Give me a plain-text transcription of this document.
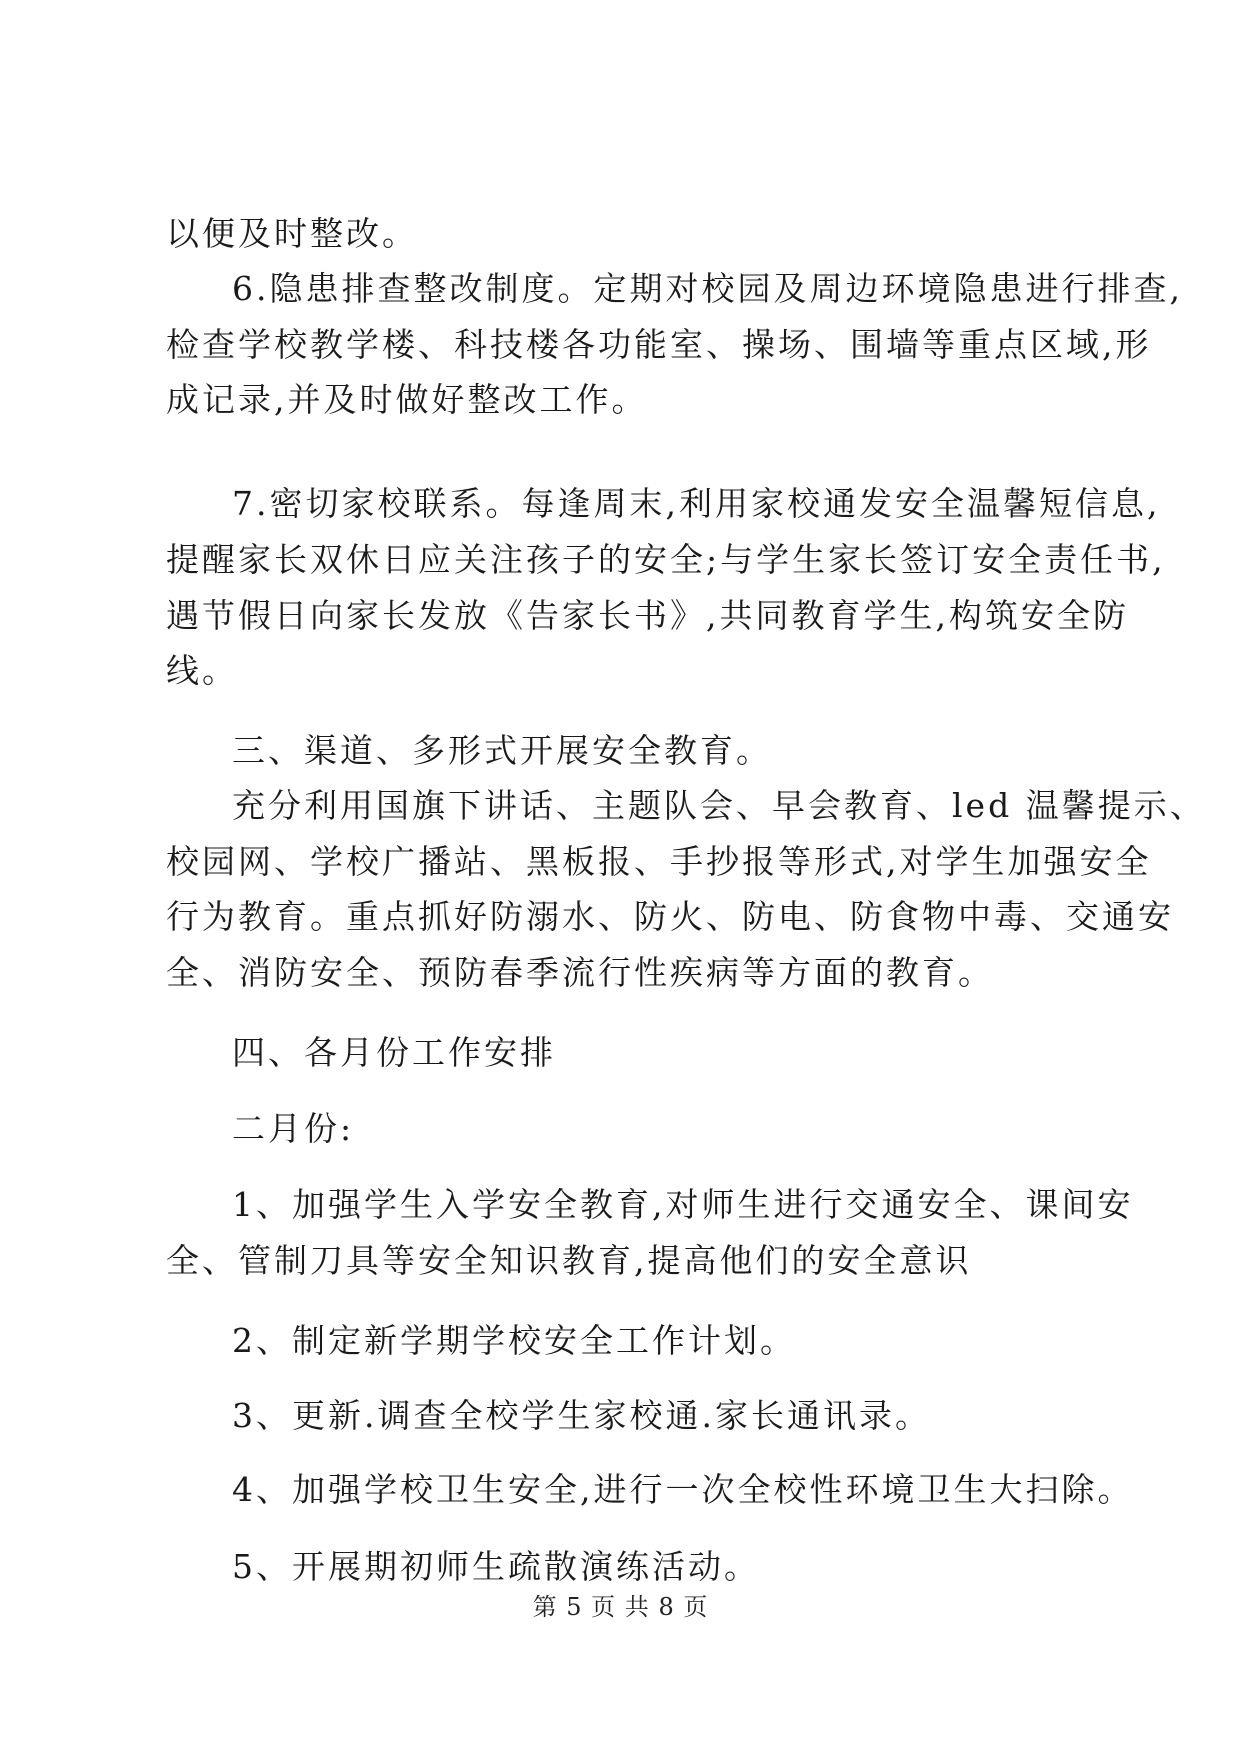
以便及时整改。
6.隐患排查整改制度。定期对校园及周边环境隐患进行排查,
检查学校教学楼、科技楼各功能室、操场、围墙等重点区域,形
成记录,并及时做好整改工作。
7.密切家校联系。每逢周末,利用家校通发安全温馨短信息,
提醒家长双休日应关注孩子的安全;与学生家长签订安全责任书,
遇节假日向家长发放《告家长书》,共同教育学生,构筑安全防
线。
三、渠道、多形式开展安全教育。
充分利用国旗下讲话、主题队会、早会教育、led 温馨提示、
校园网、学校广播站、黑板报、手抄报等形式,对学生加强安全
行为教育。重点抓好防溺水、防火、防电、防食物中毒、交通安
全、消防安全、预防春季流行性疾病等方面的教育。
四、各月份工作安排
二月份:
1、加强学生入学安全教育,对师生进行交通安全、课间安
全、管制刀具等安全知识教育,提高他们的安全意识
2、制定新学期学校安全工作计划。
3、更新.调查全校学生家校通.家长通讯录。
4、加强学校卫生安全,进行一次全校性环境卫生大扫除。
5、开展期初师生疏散演练活动。
第 5 页 共 8 页
